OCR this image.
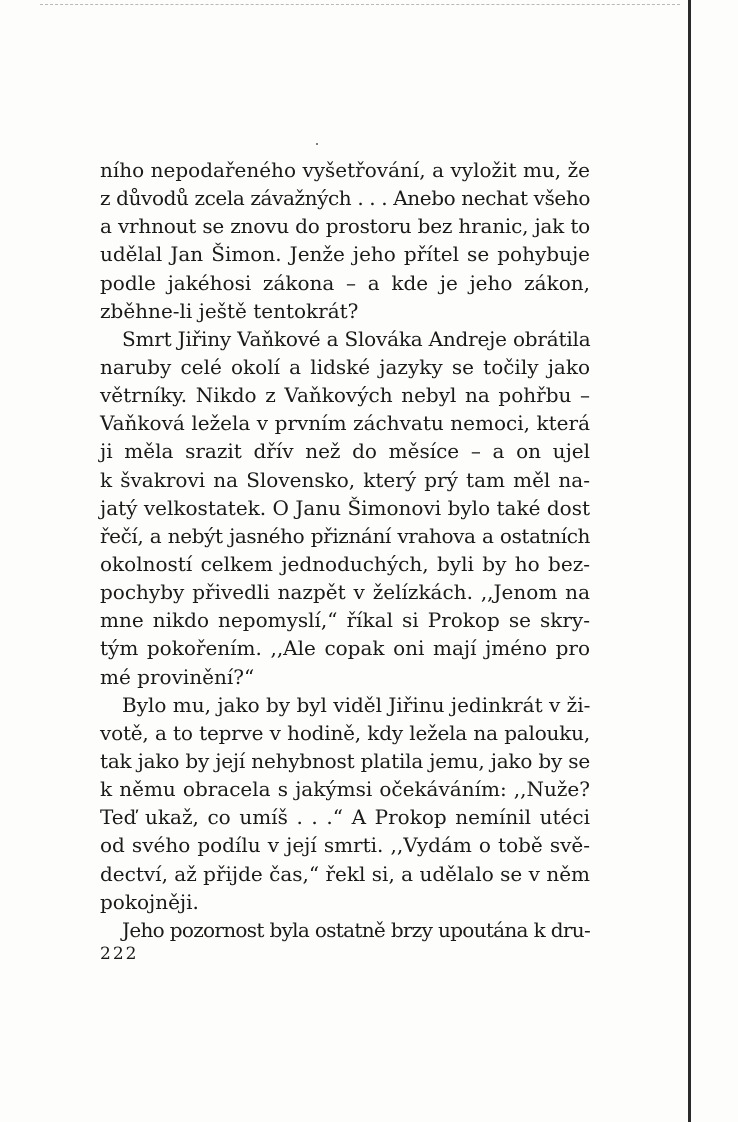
ního nepodařeného vyšetřování, a vyložit mu, že
z důvodů zcela závažných . . . Anebo nechat všeho
a vrhnout se znovu do prostoru bez hranic, jak to
udělal Jan Šimon. Jenže jeho přítel se pohybuje
podle jakéhosi zákona – a kde je jeho zákon,
zběhne-li ještě tentokrát?
Smrt Jiřiny Vaňkové a Slováka Andreje obrátila
naruby celé okolí a lidské jazyky se točily jako
větrníky. Nikdo z Vaňkových nebyl na pohřbu –
Vaňková ležela v prvním záchvatu nemoci, která
ji měla srazit dřív než do měsíce – a on ujel
k švakrovi na Slovensko, který prý tam měl na-
jatý velkostatek. O Janu Šimonovi bylo také dost
řečí, a nebýt jasného přiznání vrahova a ostatních
okolností celkem jednoduchých, byli by ho bez-
pochyby přivedli nazpět v želízkách. ,,Jenom na
mne nikdo nepomyslí,“ říkal si Prokop se skry-
tým pokořením. ,,Ale copak oni mají jméno pro
mé provinění?“
Bylo mu, jako by byl viděl Jiřinu jedinkrát v ži-
votě, a to teprve v hodině, kdy ležela na palouku,
tak jako by její nehybnost platila jemu, jako by se
k němu obracela s jakýmsi očekáváním: ,,Nuže?
Teď ukaž, co umíš . . .“ A Prokop nemínil utéci
od svého podílu v její smrti. ,,Vydám o tobě svě-
dectví, až přijde čas,“ řekl si, a udělalo se v něm
pokojněji.
Jeho pozornost byla ostatně brzy upoutána k dru-
222
